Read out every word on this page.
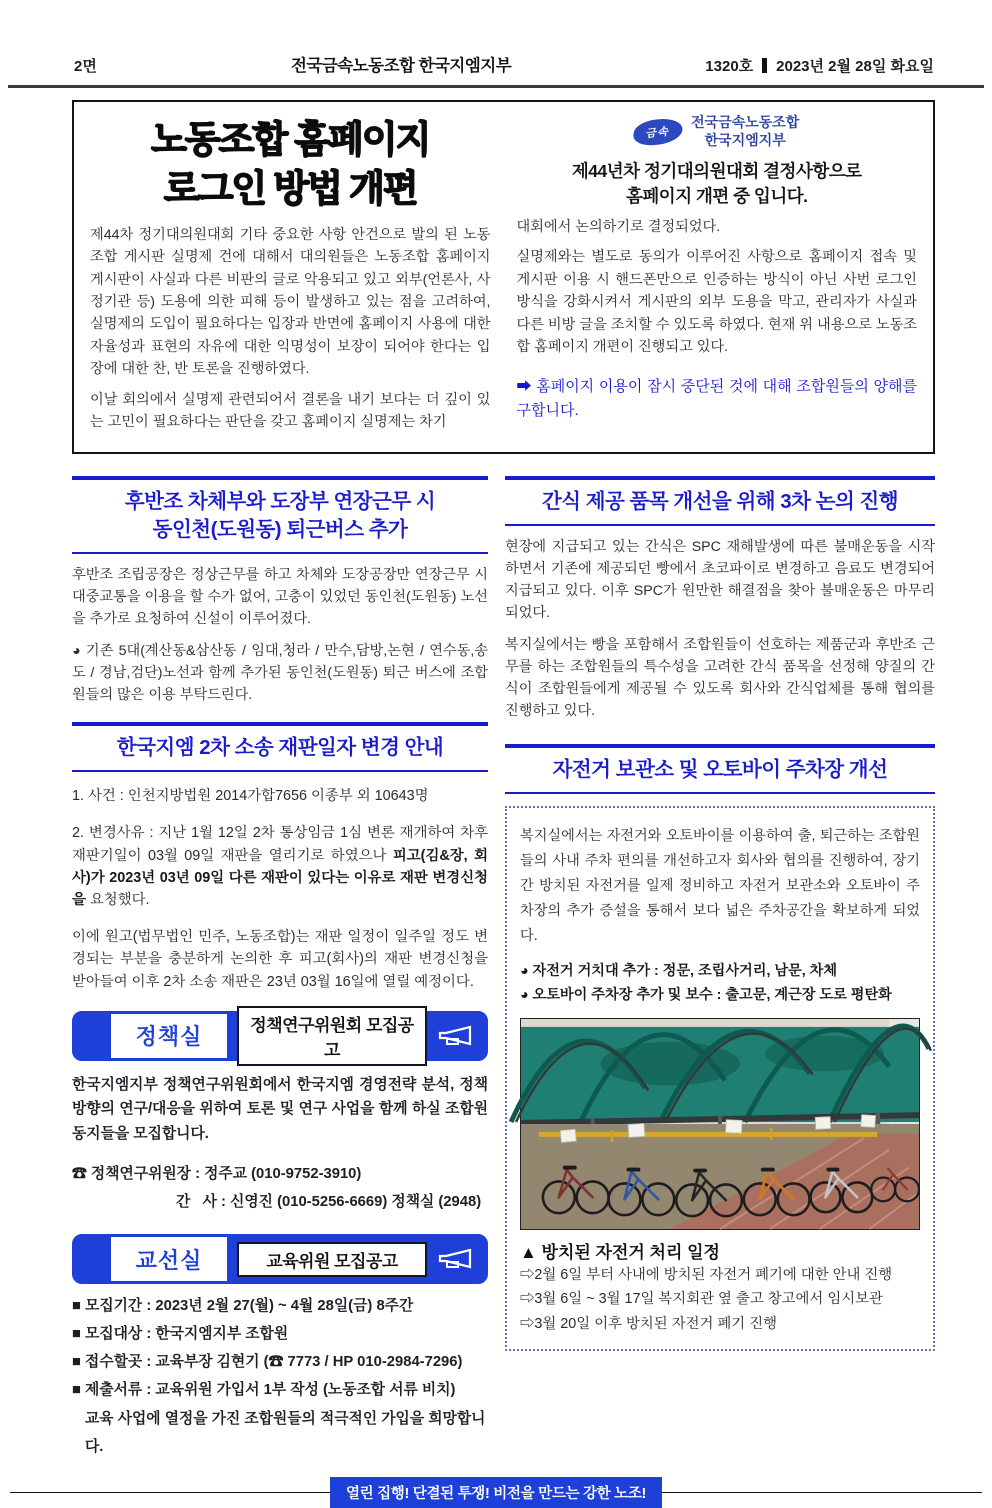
2면	전국금속노동조합 한국지엠지부	1320호 2023년 2월 28일 화요일
노동조합 홈페이지
로그인 방법 개편

제44차 정기대의원대회 기타 중요한 사항 안건으로 발의 된 노동조합 게시판 실명제 건에 대해서 대의원들은 노동조합 홈페이지 게시판이 사실과 다른 비판의 글로 악용되고 있고 외부(언론사, 사정기관 등) 도용에 의한 피해 등이 발생하고 있는 점을 고려하여, 실명제의 도입이 필요하다는 입장과 반면에 홈페이지 사용에 대한 자율성과 표현의 자유에 대한 익명성이 보장이 되어야 한다는 입장에 대한 찬, 반 토론을 진행하였다.

이날 회의에서 실명제 관련되어서 결론을 내기 보다는 더 깊이 있는 고민이 필요하다는 판단을 갖고 홈페이지 실명제는 차기

금속
전국금속노동조합
한국지엠지부
제44년차 정기대의원대회 결정사항으로
홈페이지 개편 중 입니다.

대회에서 논의하기로 결정되었다.

실명제와는 별도로 동의가 이루어진 사항으로 홈페이지 접속 및 게시판 이용 시 핸드폰만으로 인증하는 방식이 아닌 사번 로그인 방식을 강화시켜서 게시판의 외부 도용을 막고, 관리자가 사실과 다른 비방 글을 조치할 수 있도록 하였다. 현재 위 내용으로 노동조합 홈페이지 개편이 진행되고 있다.

➡ 홈페이지 이용이 잠시 중단된 것에 대해 조합원들의 양해를 구합니다.

후반조 차체부와 도장부 연장근무 시
동인천(도원동) 퇴근버스 추가

후반조 조립공장은 정상근무를 하고 차체와 도장공장만 연장근무 시 대중교통을 이용을 할 수가 없어, 고충이 있었던 동인천(도원동) 노선을 추가로 요청하여 신설이 이루어졌다.

◕ 기존 5대(계산동&삼산동 / 임대,청라 / 만수,담방,논현 / 연수동,송도 / 경남,검단)노선과 함께 추가된 동인천(도원동) 퇴근 버스에 조합원들의 많은 이용 부탁드린다.

한국지엠 2차 소송 재판일자 변경 안내

1. 사건 : 인천지방법원 2014가합7656 이종부 외 10643명

2. 변경사유 : 지난 1월 12일 2차 통상임금 1심 변론 재개하여 차후 재판기일이 03월 09일 재판을 열리기로 하였으나 피고(김&장, 회사)가 2023년 03년 09일 다른 재판이 있다는 이유로 재판 변경신청을 요청했다.

이에 원고(법무법인 민주, 노동조합)는 재판 일정이 일주일 정도 변경되는 부분을 충분하게 논의한 후 피고(회사)의 재판 변경신청을 받아들여 이후 2차 소송 재판은 23년 03월 16일에 열릴 예정이다.

정책실	정책연구위원회 모집공고

한국지엠지부 정책연구위원회에서 한국지엠 경영전략 분석, 정책 방향의 연구/대응을 위하여 토론 및 연구 사업을 함께 하실 조합원 동지들을 모집합니다.

☎ 정책연구위원장 : 정주교 (010-9752-3910)
간   사 : 신영진 (010-5256-6669) 정책실 (2948)
교선실	교육위원 모집공고
■ 모집기간 : 2023년 2월 27(월) ~ 4월 28일(금) 8주간
■ 모집대상 : 한국지엠지부 조합원
■ 접수할곳 : 교육부장 김현기 (☎ 7773 / HP 010-2984-7296)
■ 제출서류 : 교육위원 가입서 1부 작성 (노동조합 서류 비치)
교육 사업에 열정을 가진 조합원들의 적극적인 가입을 희망합니다.
간식 제공 품목 개선을 위해 3차 논의 진행

현장에 지급되고 있는 간식은 SPC 재해발생에 따른 불매운동을 시작하면서 기존에 제공되던 빵에서 초코파이로 변경하고 음료도 변경되어 지급되고 있다. 이후 SPC가 원만한 해결점을 찾아 불매운동은 마무리 되었다.

복지실에서는 빵을 포함해서 조합원들이 선호하는 제품군과 후반조 근무를 하는 조합원들의 특수성을 고려한 간식 품목을 선정해 양질의 간식이 조합원들에게 제공될 수 있도록 회사와 간식업체를 통해 협의를 진행하고 있다.

자전거 보관소 및 오토바이 주차장 개선

복지실에서는 자전거와 오토바이를 이용하여 출, 퇴근하는 조합원들의 사내 주차 편의를 개선하고자 회사와 협의를 진행하여, 장기간 방치된 자전거를 일제 정비하고 자전거 보관소와 오토바이 주차장의 추가 증설을 통해서 보다 넓은 주차공간을 확보하게 되었다.

◕ 자전거 거치대 추가 : 정문, 조립사거리, 남문, 차체
◕ 오토바이 주차장 추가 및 보수 : 출고문, 계근장 도로 평탄화
▲ 방치된 자전거 처리 일정
⇨2월 6일 부터 사내에 방치된 자전거 폐기에 대한 안내 진행
⇨3월 6일 ~ 3월 17일 복지회관 옆 출고 창고에서 임시보관
⇨3월 20일 이후 방치된 자전거 폐기 진행
열린 집행! 단결된 투쟁! 비전을 만드는 강한 노조!
